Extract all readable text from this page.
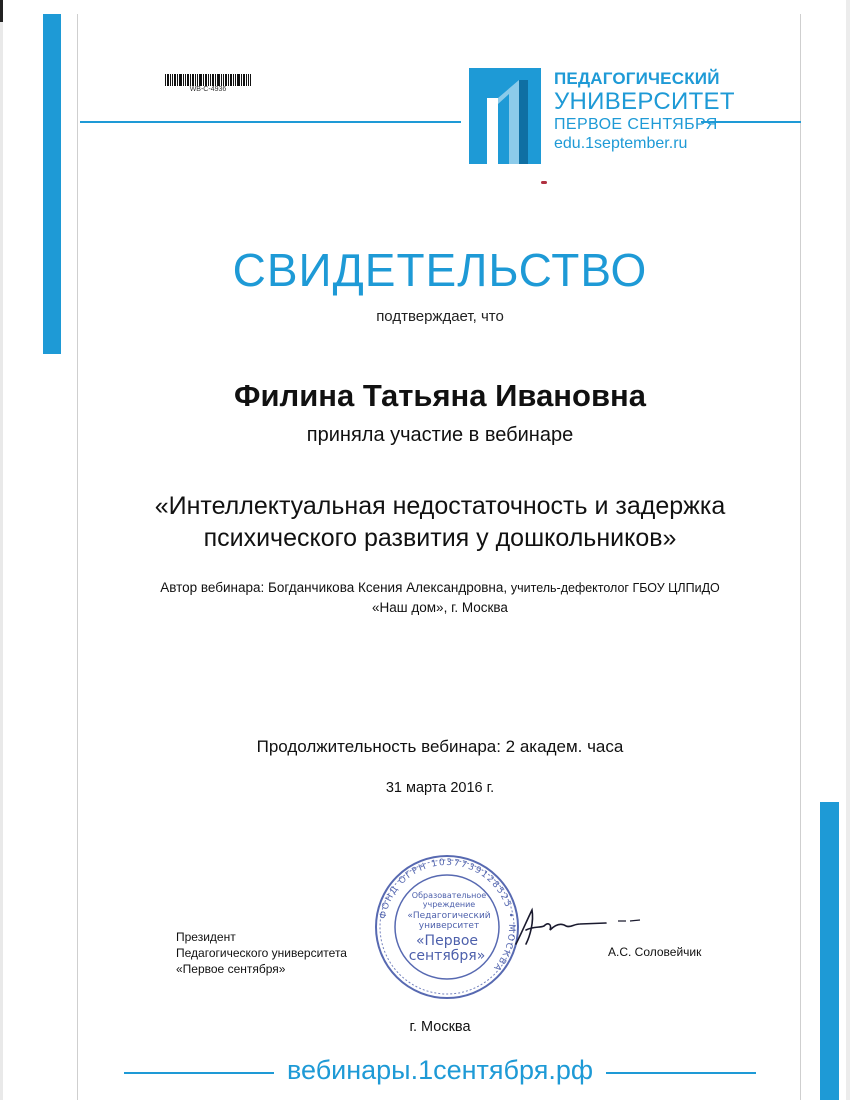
WB-C-4936
ПЕДАГОГИЧЕСКИЙ
УНИВЕРСИТЕТ
ПЕРВОЕ СЕНТЯБРЯ
edu.1september.ru
СВИДЕТЕЛЬСТВО
подтверждает, что
Филина Татьяна Ивановна
приняла участие в вебинаре
«Интеллектуальная недостаточность и задержка
психического развития у дошкольников»
Автор вебинара: Богданчикова Ксения Александровна, учитель-дефектолог ГБОУ ЦЛПиДО
«Наш дом», г. Москва
Продолжительность вебинара: 2 академ. часа
31 марта 2016 г.
Президент
Педагогического университета
«Первое сентября»
ФОНД ОГРН 1037739128525 • МОСКВА
Образовательное
учреждение
«Педагогический
университет
«Первое
сентября»	А.С. Соловейчик
г. Москва
вебинары.1сентября.рф
